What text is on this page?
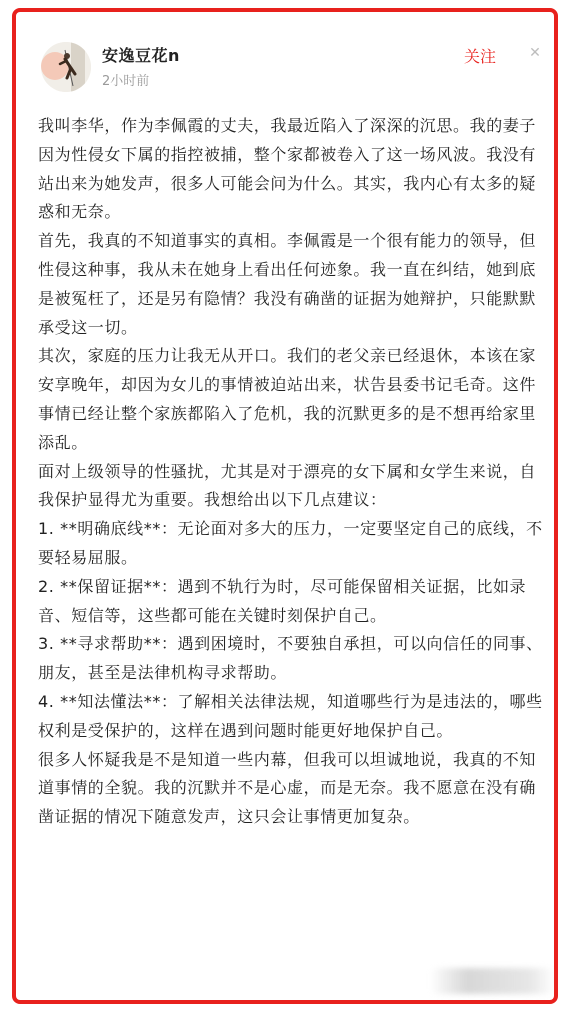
安逸豆花n
2小时前
关注 ✕

我叫李华，作为李佩霞的丈夫，我最近陷入了深深的沉思。我的妻子因为性侵女下属的指控被捕，整个家都被卷入了这一场风波。我没有站出来为她发声，很多人可能会问为什么。其实，我内心有太多的疑惑和无奈。

首先，我真的不知道事实的真相。李佩霞是一个很有能力的领导，但性侵这种事，我从未在她身上看出任何迹象。我一直在纠结，她到底是被冤枉了，还是另有隐情？我没有确凿的证据为她辩护，只能默默承受这一切。

其次，家庭的压力让我无从开口。我们的老父亲已经退休，本该在家安享晚年，却因为女儿的事情被迫站出来，状告县委书记毛奇。这件事情已经让整个家族都陷入了危机，我的沉默更多的是不想再给家里添乱。

面对上级领导的性骚扰，尤其是对于漂亮的女下属和女学生来说，自我保护显得尤为重要。我想给出以下几点建议：

1. **明确底线**：无论面对多大的压力，一定要坚定自己的底线，不要轻易屈服。

2. **保留证据**：遇到不轨行为时，尽可能保留相关证据，比如录音、短信等，这些都可能在关键时刻保护自己。

3. **寻求帮助**：遇到困境时，不要独自承担，可以向信任的同事、朋友，甚至是法律机构寻求帮助。

4. **知法懂法**：了解相关法律法规，知道哪些行为是违法的，哪些权利是受保护的，这样在遇到问题时能更好地保护自己。

很多人怀疑我是不是知道一些内幕，但我可以坦诚地说，我真的不知道事情的全貌。我的沉默并不是心虚，而是无奈。我不愿意在没有确凿证据的情况下随意发声，这只会让事情更加复杂。
